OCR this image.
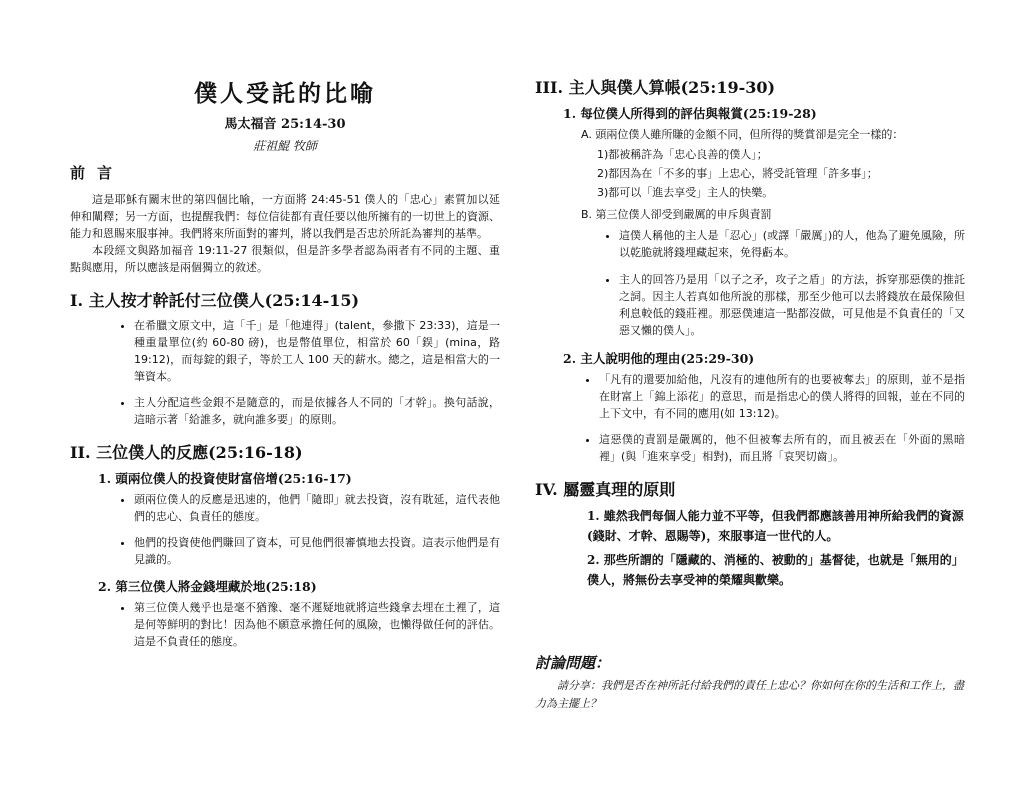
僕人受託的比喻
馬太福音 25:14-30
莊祖鯤 牧師
前言

這是耶穌有關末世的第四個比喻，一方面將 24:45-51 僕人的「忠心」素質加以延伸和闡釋；另一方面，也提醒我們：每位信徒都有責任要以他所擁有的一切世上的資源、能力和恩賜來服事神。我們將來所面對的審判，將以我們是否忠於所託為審判的基準。

本段經文與路加福音 19:11-27 很類似，但是許多學者認為兩者有不同的主題、重點與應用，所以應該是兩個獨立的敘述。

I. 主人按才幹託付三位僕人(25:14-15)
• 在希臘文原文中，這「千」是「他連得」(talent，參撒下 23:33)，這是一種重量單位(約 60-80 磅)，也是幣值單位，相當於 60「鋘」(mina，路 19:12)，而每錠的銀子，等於工人 100 天的薪水。總之，這是相當大的一筆資本。
• 主人分配這些金銀不是隨意的，而是依據各人不同的「才幹」。換句話說，這暗示著「給誰多，就向誰多要」的原則。
II. 三位僕人的反應(25:16-18)
1. 頭兩位僕人的投資使財富倍增(25:16-17)
• 頭兩位僕人的反應是迅速的，他們「隨即」就去投資，沒有耽延，這代表他們的忠心、負責任的態度。
• 他們的投資使他們賺回了資本，可見他們很審慎地去投資。這表示他們是有見識的。
2. 第三位僕人將金錢埋藏於地(25:18)
• 第三位僕人幾乎也是毫不猶豫、毫不遲疑地就將這些錢拿去埋在土裡了，這是何等鮮明的對比！因為他不願意承擔任何的風險，也懶得做任何的評估。這是不負責任的態度。
III. 主人與僕人算帳(25:19-30)
1. 每位僕人所得到的評估與報賞(25:19-28)
A. 頭兩位僕人雖所賺的金額不同，但所得的獎賞卻是完全一樣的：
1)都被稱許為「忠心良善的僕人」；
2)都因為在「不多的事」上忠心，將受託管理「許多事」；
3)都可以「進去享受」主人的快樂。
B. 第三位僕人卻受到嚴厲的申斥與責罰
• 這僕人稱他的主人是「忍心」(或譯「嚴厲」)的人，他為了避免風險，所以乾脆就將錢埋藏起來，免得虧本。
• 主人的回答乃是用「以子之矛，攻子之盾」的方法，拆穿那惡僕的推託之詞。因主人若真如他所說的那樣，那至少他可以去將錢放在最保險但利息較低的錢莊裡。那惡僕連這一點都沒做，可見他是不負責任的「又惡又懶的僕人」。
2. 主人說明他的理由(25:29-30)
• 「凡有的還要加給他，凡沒有的連他所有的也要被奪去」的原則，並不是指在財富上「錦上添花」的意思，而是指忠心的僕人將得的回報，並在不同的上下文中，有不同的應用(如 13:12)。
• 這惡僕的責罰是嚴厲的，他不但被奪去所有的，而且被丟在「外面的黑暗裡」(與「進來享受」相對)，而且將「哀哭切齒」。
IV. 屬靈真理的原則
1. 雖然我們每個人能力並不平等，但我們都應該善用神所給我們的資源(錢財、才幹、恩賜等)，來服事這一世代的人。
2. 那些所謂的「隱藏的、消極的、被動的」基督徒，也就是「無用的」僕人，將無份去享受神的榮耀與歡樂。
討論問題：

請分享：我們是否在神所託付給我們的責任上忠心？你如何在你的生活和工作上，盡力為主擺上？
